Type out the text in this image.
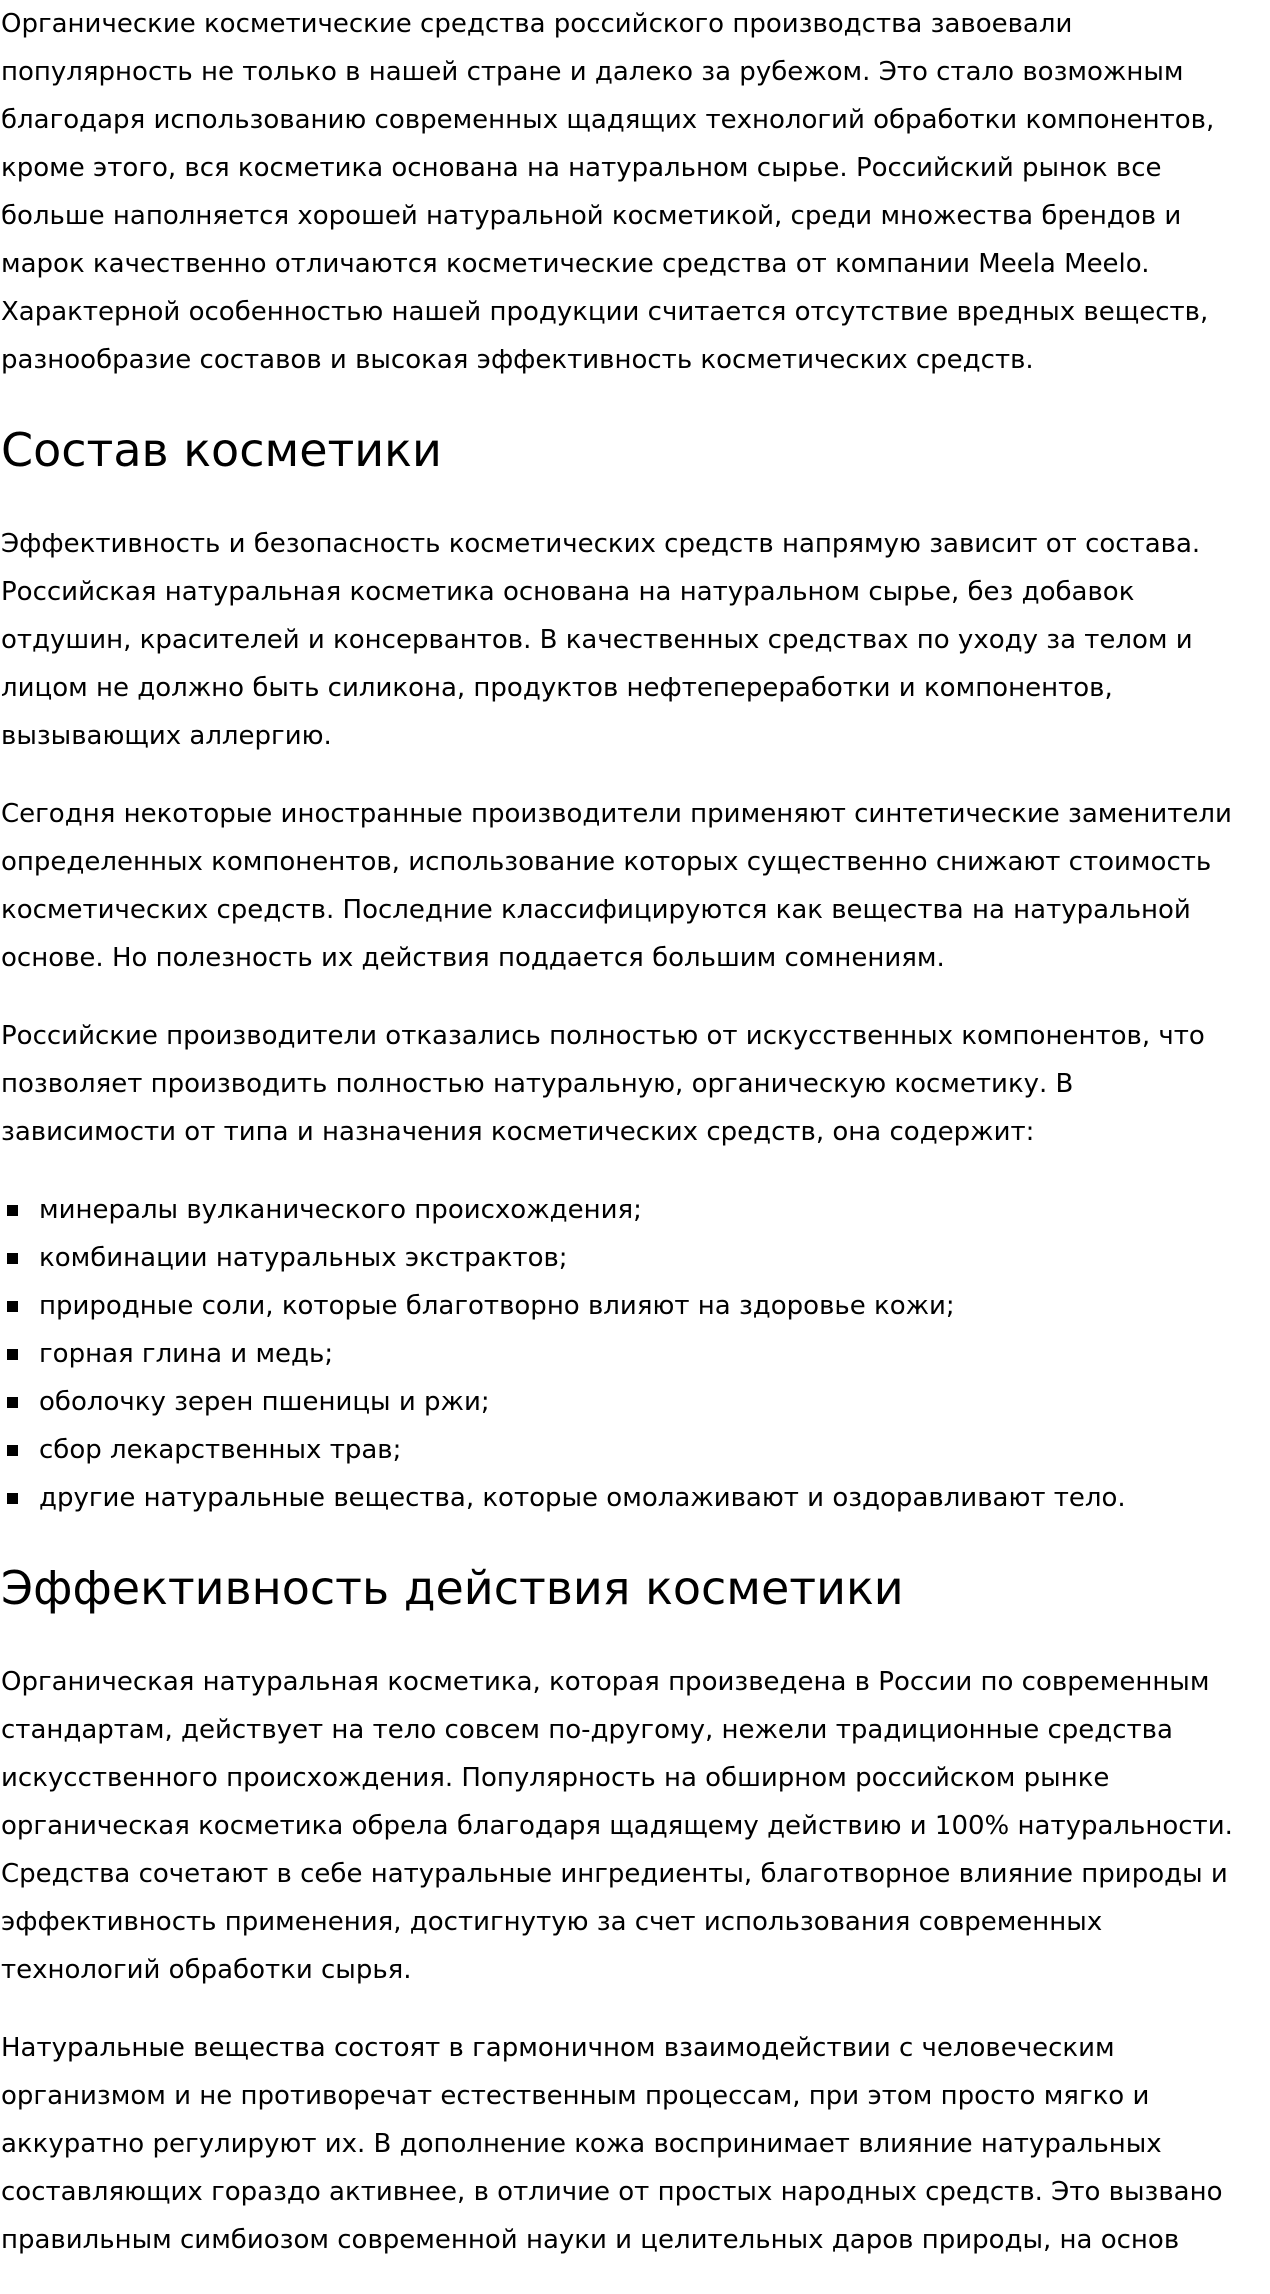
Органические косметические средства российского производства завоевали популярность не только в нашей стране и далеко за рубежом. Это стало возможным благодаря использованию современных щадящих технологий обработки компонентов, кроме этого, вся косметика основана на натуральном сырье. Российский рынок все больше наполняется хорошей натуральной косметикой, среди множества брендов и марок качественно отличаются косметические средства от компании Meela Meelo. Характерной особенностью нашей продукции считается отсутствие вредных веществ, разнообразие составов и высокая эффективность косметических средств.

Состав косметики

Эффективность и безопасность косметических средств напрямую зависит от состава. Российская натуральная косметика основана на натуральном сырье, без добавок отдушин, красителей и консервантов. В качественных средствах по уходу за телом и лицом не должно быть силикона, продуктов нефтепереработки и компонентов, вызывающих аллергию.

Сегодня некоторые иностранные производители применяют синтетические заменители определенных компонентов, использование которых существенно снижают стоимость косметических средств. Последние классифицируются как вещества на натуральной основе. Но полезность их действия поддается большим сомнениям.

Российские производители отказались полностью от искусственных компонентов, что позволяет производить полностью натуральную, органическую косметику. В зависимости от типа и назначения косметических средств, она содержит:

минералы вулканического происхождения;
комбинации натуральных экстрактов;
природные соли, которые благотворно влияют на здоровье кожи;
горная глина и медь;
оболочку зерен пшеницы и ржи;
сбор лекарственных трав;
другие натуральные вещества, которые омолаживают и оздоравливают тело.
Эффективность действия косметики

Органическая натуральная косметика, которая произведена в России по современным стандартам, действует на тело совсем по-другому, нежели традиционные средства искусственного происхождения. Популярность на обширном российском рынке органическая косметика обрела благодаря щадящему действию и 100% натуральности. Средства сочетают в себе натуральные ингредиенты, благотворное влияние природы и эффективность применения, достигнутую за счет использования современных технологий обработки сырья.

Натуральные вещества состоят в гармоничном взаимодействии с человеческим организмом и не противоречат естественным процессам, при этом просто мягко и аккуратно регулируют их. В дополнение кожа воспринимает влияние натуральных составляющих гораздо активнее, в отличие от простых народных средств. Это вызвано правильным симбиозом современной науки и целительных даров природы, на основ
